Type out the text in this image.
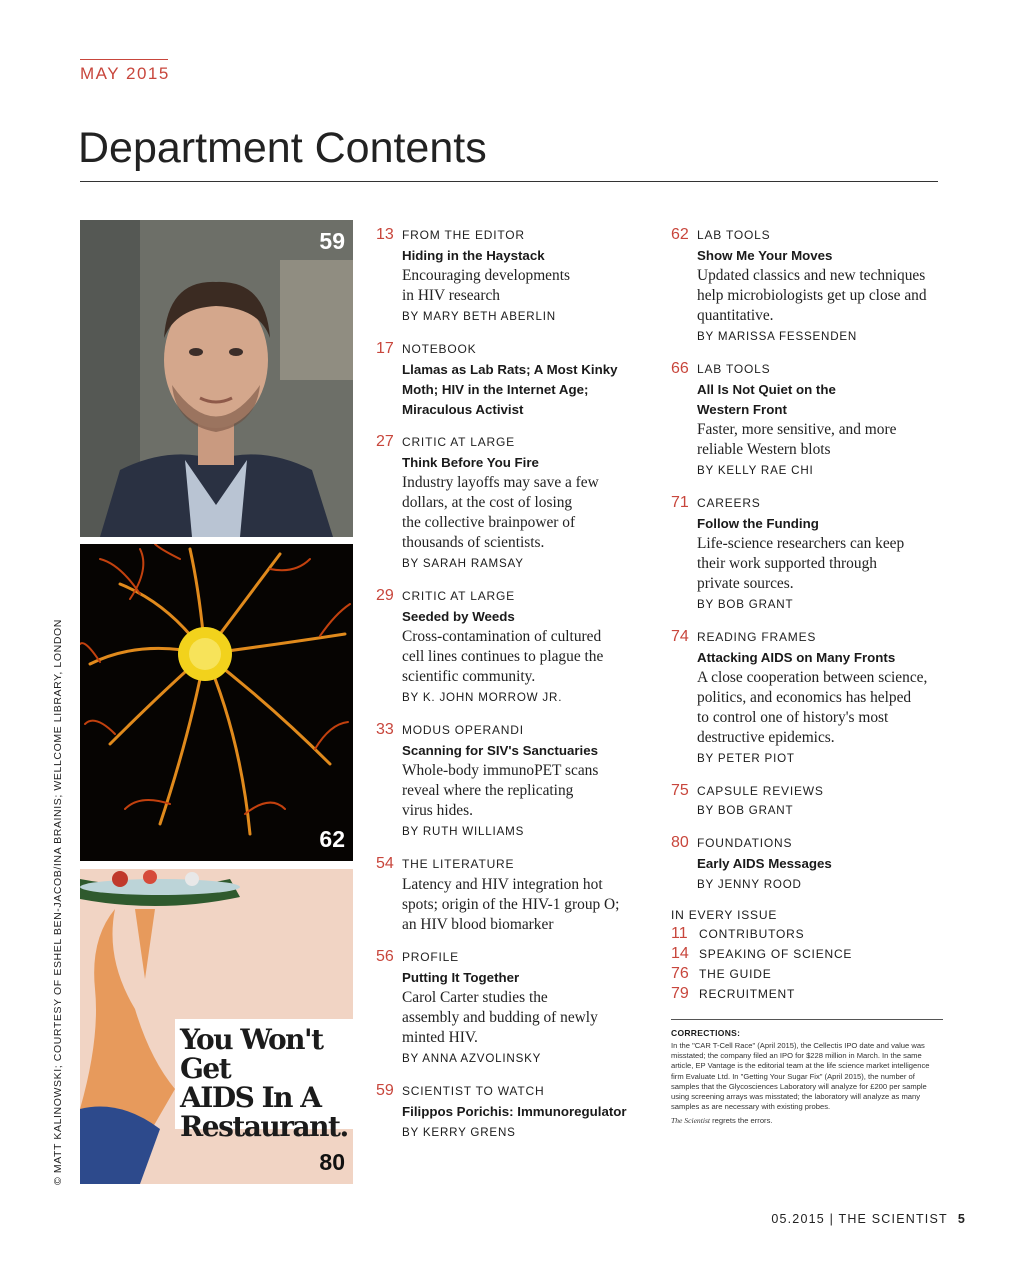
MAY 2015
Department Contents
59
62
You Won't Get
AIDS In A
Restaurant.
80
© MATT KALINOWSKI; COURTESY OF ESHEL BEN-JACOB/INA BRAINIS; WELLCOME LIBRARY, LONDON
13 FROM THE EDITOR
Hiding in the Haystack
Encouraging developments
in HIV research
BY MARY BETH ABERLIN
17 NOTEBOOK
Llamas as Lab Rats; A Most Kinky
Moth; HIV in the Internet Age;
Miraculous Activist
27 CRITIC AT LARGE
Think Before You Fire
Industry layoffs may save a few
dollars, at the cost of losing
the collective brainpower of
thousands of scientists.
BY SARAH RAMSAY
29 CRITIC AT LARGE
Seeded by Weeds
Cross-contamination of cultured
cell lines continues to plague the
scientific community.
BY K. JOHN MORROW JR.
33 MODUS OPERANDI
Scanning for SIV's Sanctuaries
Whole-body immunoPET scans
reveal where the replicating
virus hides.
BY RUTH WILLIAMS
54 THE LITERATURE
Latency and HIV integration hot
spots; origin of the HIV-1 group O;
an HIV blood biomarker
56 PROFILE
Putting It Together
Carol Carter studies the
assembly and budding of newly
minted HIV.
BY ANNA AZVOLINSKY
59 SCIENTIST TO WATCH
Filippos Porichis: Immunoregulator
BY KERRY GRENS
62 LAB TOOLS
Show Me Your Moves
Updated classics and new techniques
help microbiologists get up close and
quantitative.
BY MARISSA FESSENDEN
66 LAB TOOLS
All Is Not Quiet on the
Western Front
Faster, more sensitive, and more
reliable Western blots
BY KELLY RAE CHI
71 CAREERS
Follow the Funding
Life-science researchers can keep
their work supported through
private sources.
BY BOB GRANT
74 READING FRAMES
Attacking AIDS on Many Fronts
A close cooperation between science,
politics, and economics has helped
to control one of history's most
destructive epidemics.
BY PETER PIOT
75 CAPSULE REVIEWS
BY BOB GRANT
80 FOUNDATIONS
Early AIDS Messages
BY JENNY ROOD
IN EVERY ISSUE
11 CONTRIBUTORS
14 SPEAKING OF SCIENCE
76 THE GUIDE
79 RECRUITMENT
CORRECTIONS:
In the "CAR T-Cell Race" (April 2015), the Cellectis IPO date and value was misstated; the company filed an IPO for $228 million in March. In the same article, EP Vantage is the editorial team at the life science market intelligence firm Evaluate Ltd. In "Getting Your Sugar Fix" (April 2015), the number of samples that the Glycosciences Laboratory will analyze for £200 per sample using screening arrays was misstated; the laboratory will analyze as many samples as are necessary with existing probes.
The Scientist regrets the errors.
05.2015 | THE SCIENTIST 5
